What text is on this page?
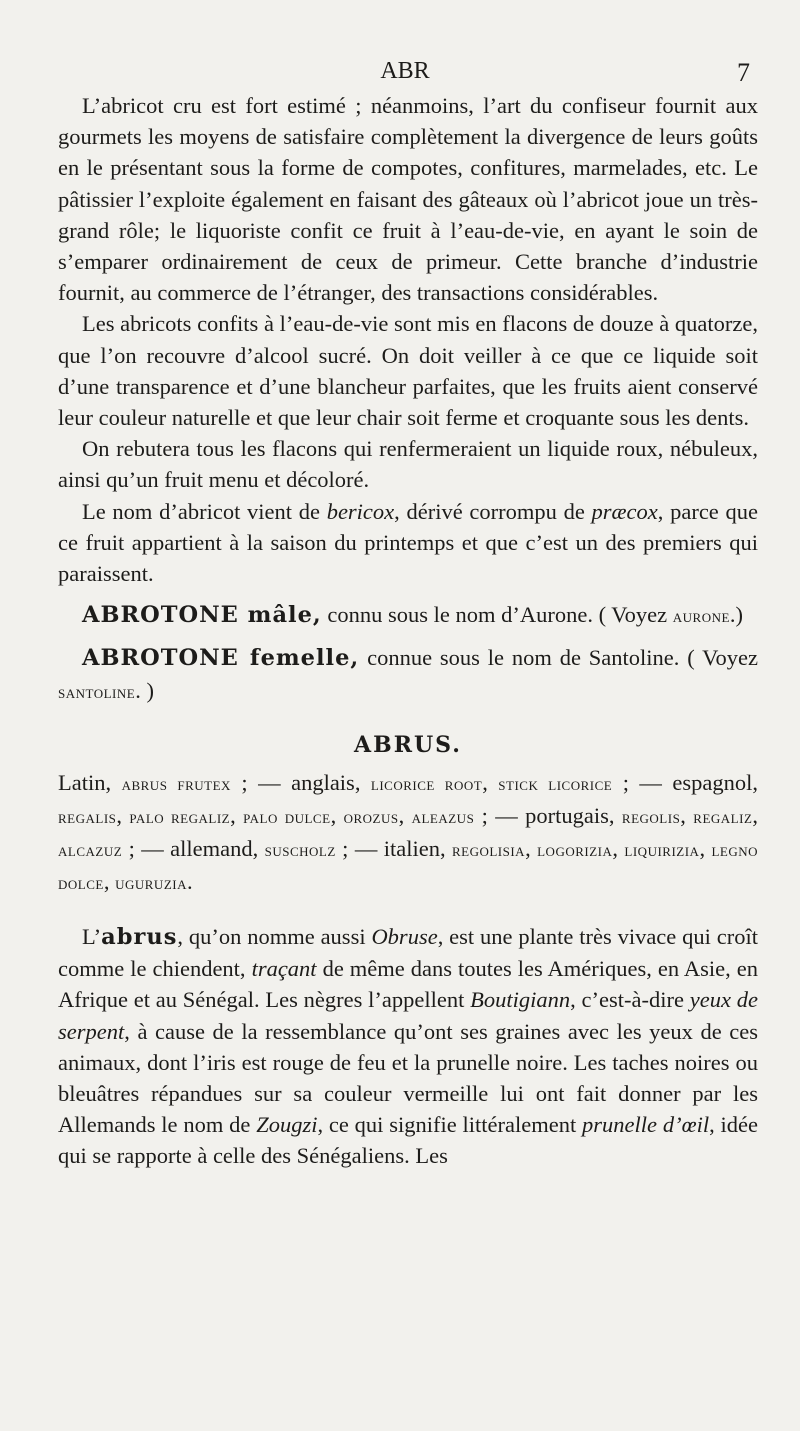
ABR	7

L’abricot cru est fort estimé ; néanmoins, l’art du confiseur fournit aux gourmets les moyens de satisfaire complètement la divergence de leurs goûts en le présentant sous la forme de compotes, confitures, marmelades, etc. Le pâtissier l’exploite également en faisant des gâteaux où l’abricot joue un très-grand rôle; le liquoriste confit ce fruit à l’eau-de-vie, en ayant le soin de s’emparer ordinairement de ceux de primeur. Cette branche d’industrie fournit, au commerce de l’étranger, des transactions considérables.

Les abricots confits à l’eau-de-vie sont mis en flacons de douze à quatorze, que l’on recouvre d’alcool sucré. On doit veiller à ce que ce liquide soit d’une transparence et d’une blancheur parfaites, que les fruits aient conservé leur couleur naturelle et que leur chair soit ferme et croquante sous les dents.

On rebutera tous les flacons qui renfermeraient un liquide roux, nébuleux, ainsi qu’un fruit menu et décoloré.

Le nom d’abricot vient de bericox, dérivé corrompu de præcox, parce que ce fruit appartient à la saison du printemps et que c’est un des premiers qui paraissent.

ABROTONE mâle, connu sous le nom d’Aurone. ( Voyez aurone.)

ABROTONE femelle, connue sous le nom de Santoline. ( Voyez santoline. )

ABRUS.

Latin, abrus frutex ; — anglais, licorice root, stick licorice ; — espagnol, regalis, palo regaliz, palo dulce, orozus, aleazus ; — portugais, regolis, regaliz, alcazuz ; — allemand, suscholz ; — italien, regolisia, logorizia, liquirizia, legno dolce, uguruzia.

L’abrus, qu’on nomme aussi Obruse, est une plante très vivace qui croît comme le chiendent, traçant de même dans toutes les Amériques, en Asie, en Afrique et au Sénégal. Les nègres l’appellent Boutigiann, c’est-à-dire yeux de serpent, à cause de la ressemblance qu’ont ses graines avec les yeux de ces animaux, dont l’iris est rouge de feu et la prunelle noire. Les taches noires ou bleuâtres répandues sur sa couleur vermeille lui ont fait donner par les Allemands le nom de Zougzi, ce qui signifie littéralement prunelle d’œil, idée qui se rapporte à celle des Sénégaliens. Les
